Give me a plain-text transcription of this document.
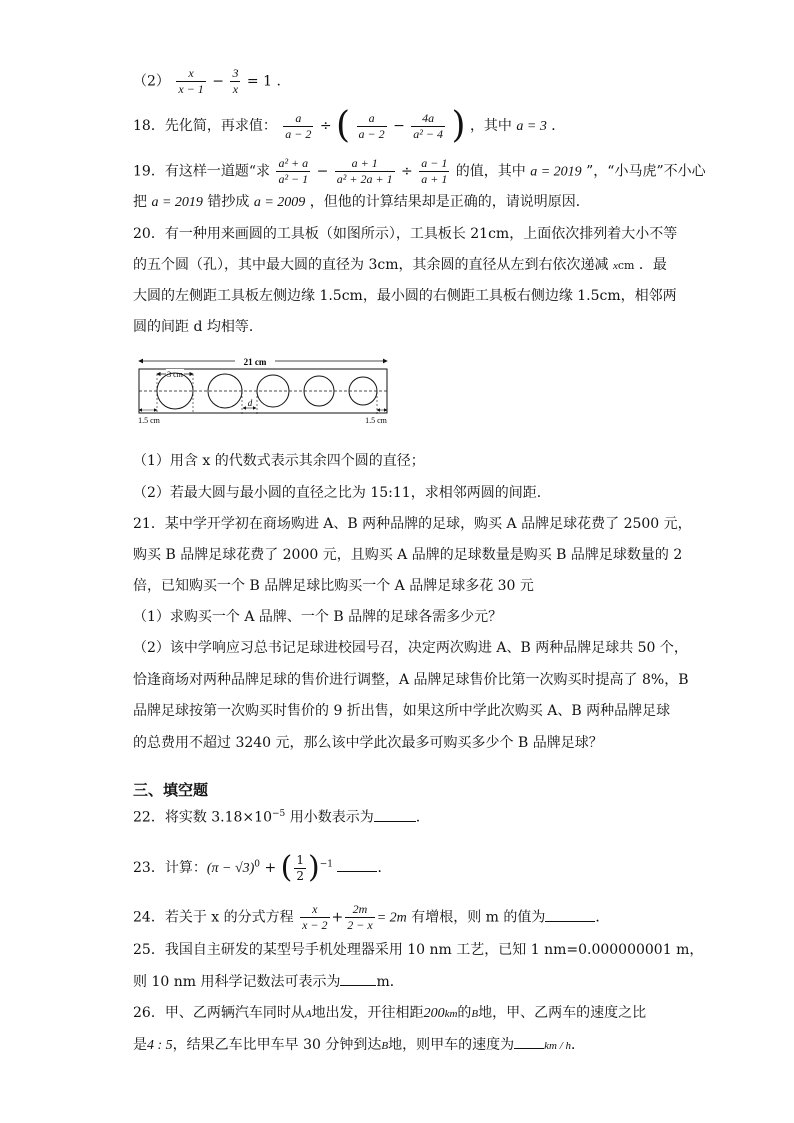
$(2) \frac{x}{x - 1} - \frac{3}{x} = 1$ .
18．先化简，再求值： $\frac{a}{a - 2}$ ÷ ( $\frac{a}{a - 2} - \frac{4a}{\text{a² − 4}}$ ) ，其中 a = 3 ．
19．有这样一道题“求 $\frac{\text{a² + a}}{\text{a² − 1}} - \frac{a + 1}{\text{a² + 2a + 1}} \div \frac{a - 1}{a + 1}$ 的值，其中 a = 2019 ”，“小马虎”不小心
把 a = 2019 错抄成 a = 2009 ，但他的计算结果却是正确的，请说明原因．
20．有一种用来画圆的工具板（如图所示），工具板长 21cm，上面依次排列着大小不等
的五个圆（孔），其中最大圆的直径为 3cm，其余圆的直径从左到右依次递减 xcm ．最
大圆的左侧距工具板左侧边缘 1.5cm，最小圆的右侧距工具板右侧边缘 1.5cm，相邻两
圆的间距 d 均相等．
21 cm
3 cm
d
1.5 cm	1.5 cm
（1）用含 x 的代数式表示其余四个圆的直径；
（2）若最大圆与最小圆的直径之比为 15:11，求相邻两圆的间距．
21．某中学开学初在商场购进 A、B 两种品牌的足球，购买 A 品牌足球花费了 2500 元，
购买 B 品牌足球花费了 2000 元，且购买 A 品牌的足球数量是购买 B 品牌足球数量的 2
倍，已知购买一个 B 品牌足球比购买一个 A 品牌足球多花 30 元
（1）求购买一个 A 品牌、一个 B 品牌的足球各需多少元？
（2）该中学响应习总书记足球进校园号召，决定两次购进 A、B 两种品牌足球共 50 个，
恰逢商场对两种品牌足球的售价进行调整，A 品牌足球售价比第一次购买时提高了 8%，B
品牌足球按第一次购买时售价的 9 折出售，如果这所中学此次购买 A、B 两种品牌足球
的总费用不超过 3240 元，那么该中学此次最多可购买多少个 B 品牌足球？
三、填空题
22．将实数 $3.18\times 10^{-5}$ 用小数表示为	.
23．计算：$(\pi - √3)^0$ + ( $\frac{1}{2} )^{-1}$	．
24．若关于 x 的分式方程 $\frac{x}{x - 2} + \frac{2m}{2 - x} = 2m$ 有增根，则 m 的值为	．
25．我国自主研发的某型号手机处理器采用 10 nm 工艺，已知 1 nm=0.000000001 m，
则 10 nm 用科学记数法可表示为	m．
26．甲、乙两辆汽车同时从A地出发，开往相距200km的B地，甲、乙两车的速度之比
是4 : 5，结果乙车比甲车早 30 分钟到达B地，则甲车的速度为	km / h．
